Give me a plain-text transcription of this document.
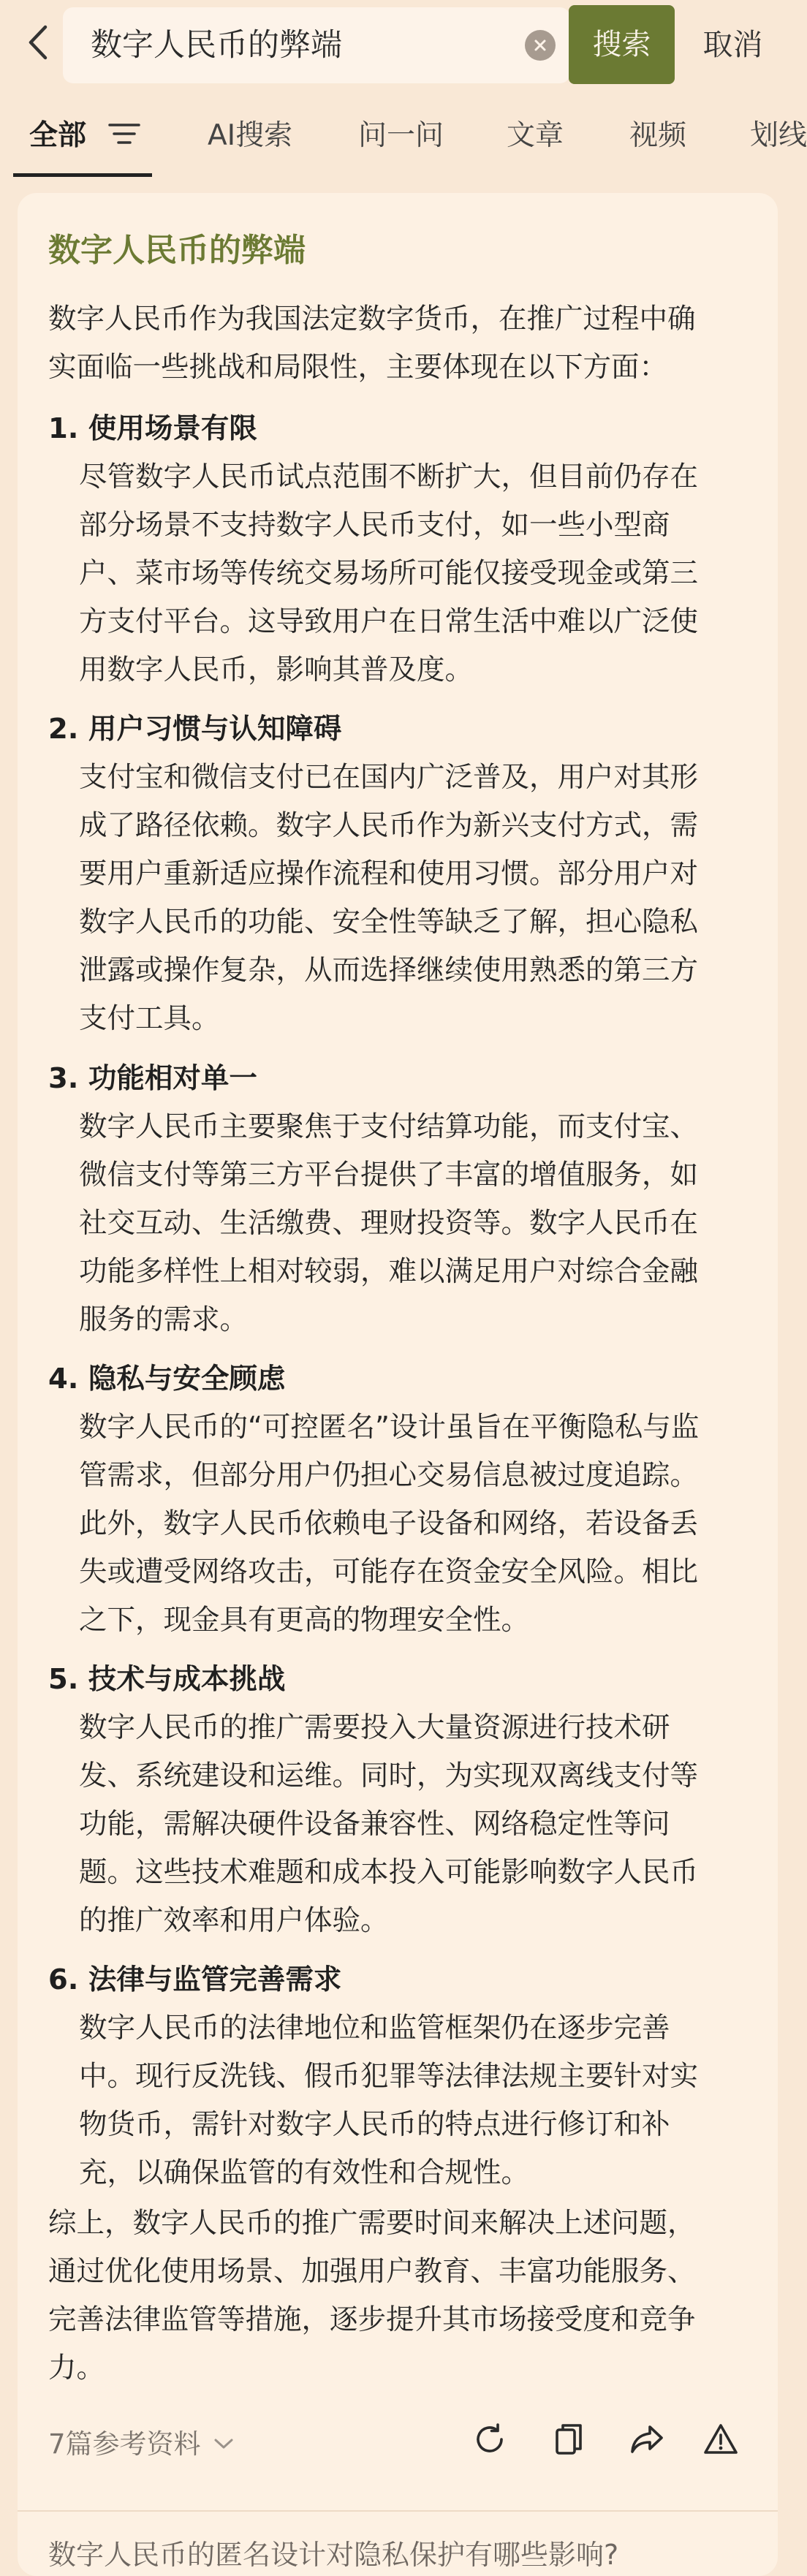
数字人民币的弊端	搜索	取消
全部	AI搜索 问一问 文章 视频 划线
数字人民币的弊端
数字人民币作为我国法定数字货币，在推广过程中确
实面临一些挑战和局限性，主要体现在以下方面：
1. 使用场景有限
尽管数字人民币试点范围不断扩大，但目前仍存在
部分场景不支持数字人民币支付，如一些小型商
户、菜市场等传统交易场所可能仅接受现金或第三
方支付平台。这导致用户在日常生活中难以广泛使
用数字人民币，影响其普及度。
2. 用户习惯与认知障碍
支付宝和微信支付已在国内广泛普及，用户对其形
成了路径依赖。数字人民币作为新兴支付方式，需
要用户重新适应操作流程和使用习惯。部分用户对
数字人民币的功能、安全性等缺乏了解，担心隐私
泄露或操作复杂，从而选择继续使用熟悉的第三方
支付工具。
3. 功能相对单一
数字人民币主要聚焦于支付结算功能，而支付宝、
微信支付等第三方平台提供了丰富的增值服务，如
社交互动、生活缴费、理财投资等。数字人民币在
功能多样性上相对较弱，难以满足用户对综合金融
服务的需求。
4. 隐私与安全顾虑
数字人民币的“可控匿名”设计虽旨在平衡隐私与监
管需求，但部分用户仍担心交易信息被过度追踪。
此外，数字人民币依赖电子设备和网络，若设备丢
失或遭受网络攻击，可能存在资金安全风险。相比
之下，现金具有更高的物理安全性。
5. 技术与成本挑战
数字人民币的推广需要投入大量资源进行技术研
发、系统建设和运维。同时，为实现双离线支付等
功能，需解决硬件设备兼容性、网络稳定性等问
题。这些技术难题和成本投入可能影响数字人民币
的推广效率和用户体验。
6. 法律与监管完善需求
数字人民币的法律地位和监管框架仍在逐步完善
中。现行反洗钱、假币犯罪等法律法规主要针对实
物货币，需针对数字人民币的特点进行修订和补
充，以确保监管的有效性和合规性。
综上，数字人民币的推广需要时间来解决上述问题，
通过优化使用场景、加强用户教育、丰富功能服务、
完善法律监管等措施，逐步提升其市场接受度和竞争
力。
7篇参考资料
数字人民币的匿名设计对隐私保护有哪些影响?
